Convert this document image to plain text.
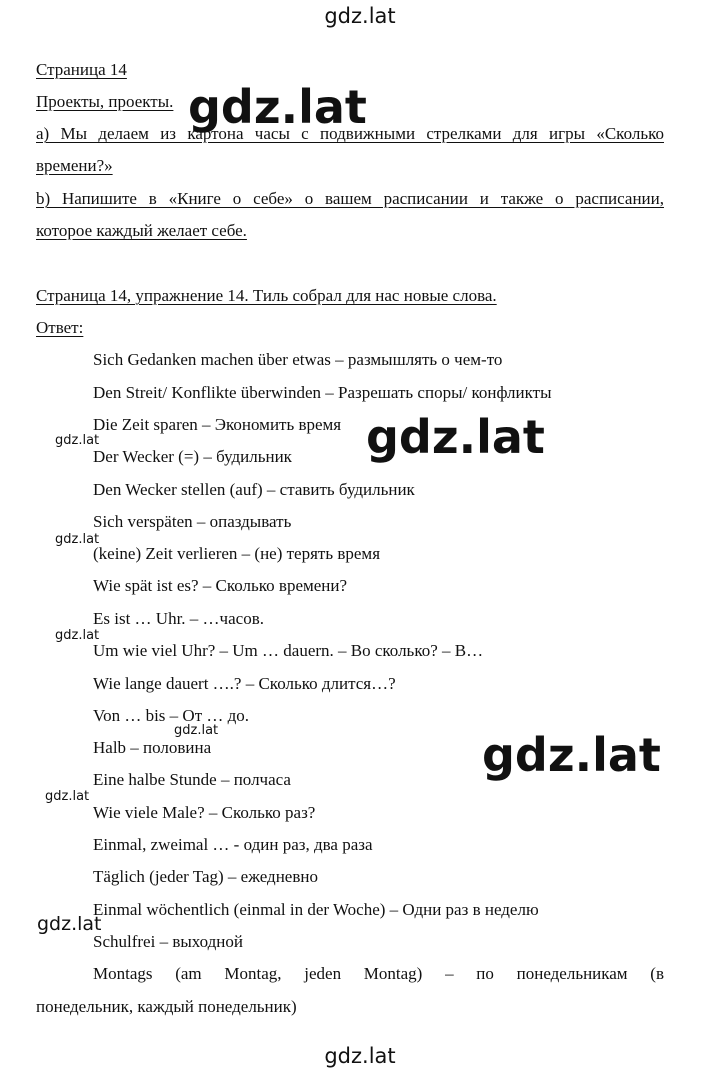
gdz.lat
Страница 14
Проекты, проекты.
a) Мы делаем из картона часы с подвижными стрелками для игры «Сколько
времени?»
b) Напишите в «Книге о себе» о вашем расписании и также о расписании,
которое каждый желает себе.
Страница 14, упражнение 14. Тиль собрал для нас новые слова.
Ответ:
Sich Gedanken machen über etwas – размышлять о чем-то
Den Streit/ Konflikte überwinden – Разрешать споры/ конфликты
Die Zeit sparen – Экономить время
Der Wecker (=) – будильник
Den Wecker stellen (auf) – ставить будильник
Sich verspäten – опаздывать
(keine) Zeit verlieren – (не) терять время
Wie spät ist es? – Сколько времени?
Es ist … Uhr. – …часов.
Um wie viel Uhr? – Um … dauern. – Во сколько? – В…
Wie lange dauert ….? – Сколько длится…?
Von … bis – От … до.
Halb – половина
Eine halbe Stunde – полчаса
Wie viele Male? – Сколько раз?
Einmal, zweimal … - один раз, два раза
Täglich (jeder Tag) – ежедневно
Einmal wöchentlich (einmal in der Woche) – Одни раз в неделю
Schulfrei – выходной
Montags (am Montag, jeden Montag) – по понедельникам (в
понедельник, каждый понедельник)
gdz.lat
gdz.lat
gdz.lat
gdz.lat
gdz.lat
gdz.lat
gdz.lat
gdz.lat
gdz.lat
gdz.lat
